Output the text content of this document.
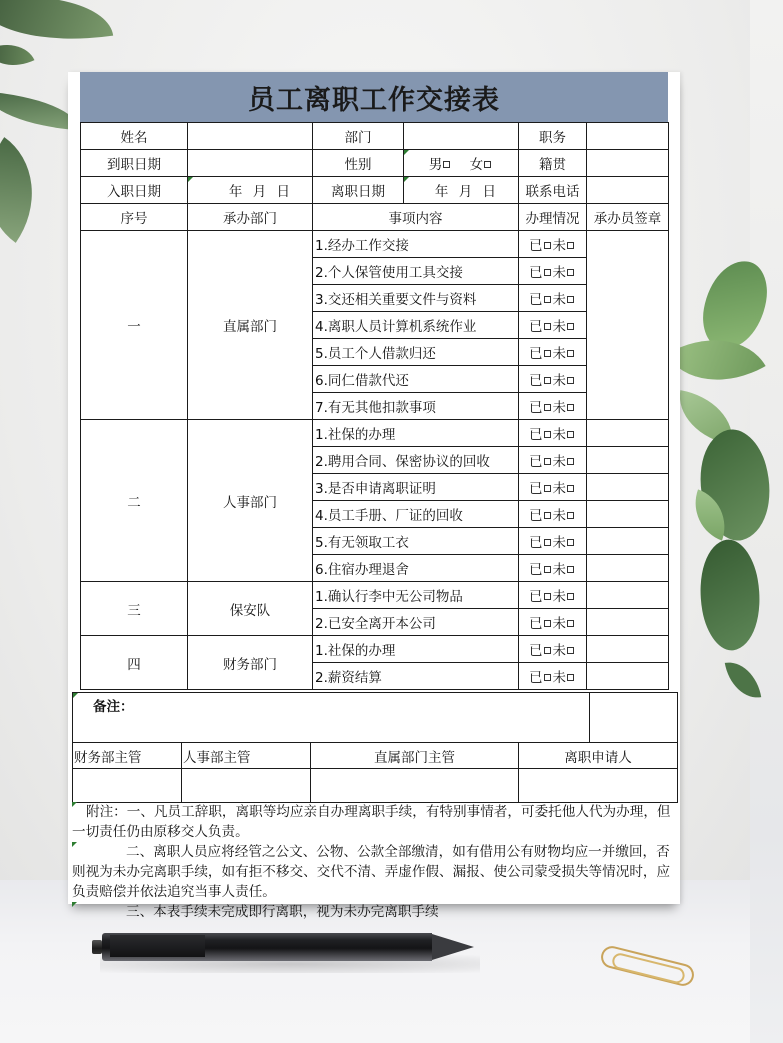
员工离职工作交接表
姓名		部门		职务	
到职日期		性别	男 女	籍贯	
入职日期	年 月 日	离职日期	年 月 日	联系电话	
序号	承办部门	事项内容		办理情况	承办员签章
一	直属部门	1.经办工作交接		已 未	
		2.个人保管使用工具交接		已 未	
		3.交还相关重要文件与资料		已 未	
		4.离职人员计算机系统作业		已 未	
		5.员工个人借款归还		已 未	
		6.同仁借款代还		已 未	
		7.有无其他扣款事项		已 未	
二	人事部门	1.社保的办理		已 未	
		2.聘用合同、保密协议的回收		已 未	
		3.是否申请离职证明		已 未	
		4.员工手册、厂证的回收		已 未	
		5.有无领取工衣		已 未	
		6.住宿办理退舍		已 未	
三	保安队	1.确认行李中无公司物品		已 未	
		2.已安全离开本公司		已 未	
四	财务部门	1.社保的办理		已 未	
		2.薪资结算		已 未	
备注：				
财务部主管	人事部主管	直属部门主管	离职申请人	

附注：一、凡员工辞职，离职等均应亲自办理离职手续，有特别事情者，可委托他人代为办理，但一切责任仍由原移交人负责。

二、离职人员应将经管之公文、公物、公款全部缴清，如有借用公有财物均应一并缴回，否则视为未办完离职手续，如有拒不移交、交代不清、弄虚作假、漏报、使公司蒙受损失等情况时，应负责赔偿并依法追究当事人责任。

三、本表手续未完成即行离职，视为未办完离职手续
